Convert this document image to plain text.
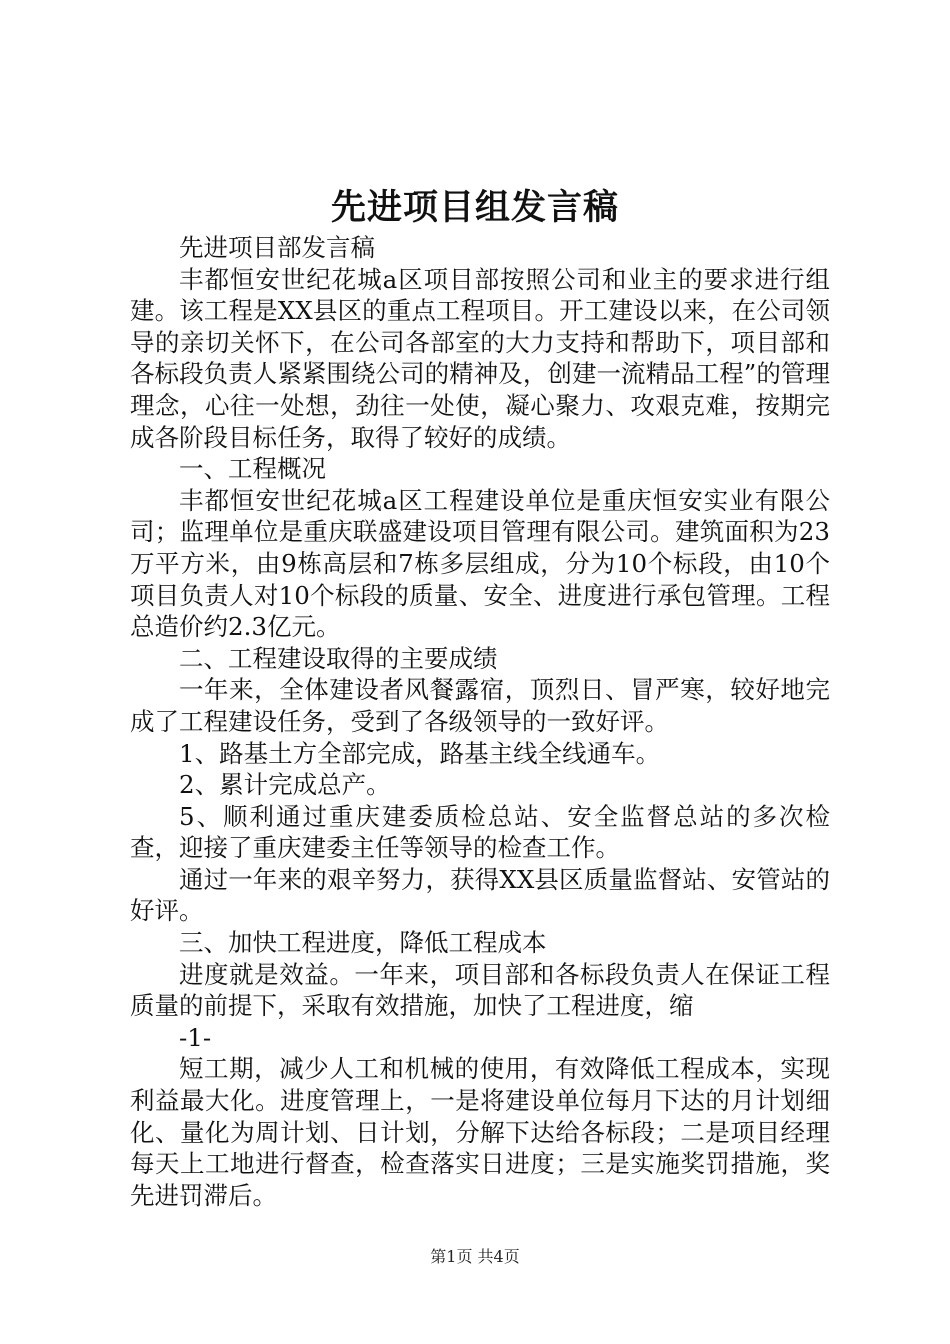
先进项目组发言稿

先进项目部发言稿

丰都恒安世纪花城a区项目部按照公司和业主的要求进行组建。该工程是XX县区的重点工程项目。开工建设以来，在公司领导的亲切关怀下，在公司各部室的大力支持和帮助下，项目部和各标段负责人紧紧围绕公司的精神及，创建一流精品工程”的管理理念，心往一处想，劲往一处使，凝心聚力、攻艰克难，按期完成各阶段目标任务，取得了较好的成绩。

一、工程概况

丰都恒安世纪花城a区工程建设单位是重庆恒安实业有限公司；监理单位是重庆联盛建设项目管理有限公司。建筑面积为23万平方米，由9栋高层和7栋多层组成，分为10个标段，由10个项目负责人对10个标段的质量、安全、进度进行承包管理。工程总造价约2.3亿元。

二、工程建设取得的主要成绩

一年来，全体建设者风餐露宿，顶烈日、冒严寒，较好地完成了工程建设任务，受到了各级领导的一致好评。

1、路基土方全部完成，路基主线全线通车。

2、累计完成总产。

5、顺利通过重庆建委质检总站、安全监督总站的多次检查，迎接了重庆建委主任等领导的检查工作。

通过一年来的艰辛努力，获得XX县区质量监督站、安管站的好评。

三、加快工程进度，降低工程成本

进度就是效益。一年来，项目部和各标段负责人在保证工程质量的前提下，采取有效措施，加快了工程进度，缩

-1-

短工期，减少人工和机械的使用，有效降低工程成本，实现利益最大化。进度管理上，一是将建设单位每月下达的月计划细化、量化为周计划、日计划，分解下达给各标段；二是项目经理每天上工地进行督查，检查落实日进度；三是实施奖罚措施，奖先进罚滞后。

第1页 共4页
